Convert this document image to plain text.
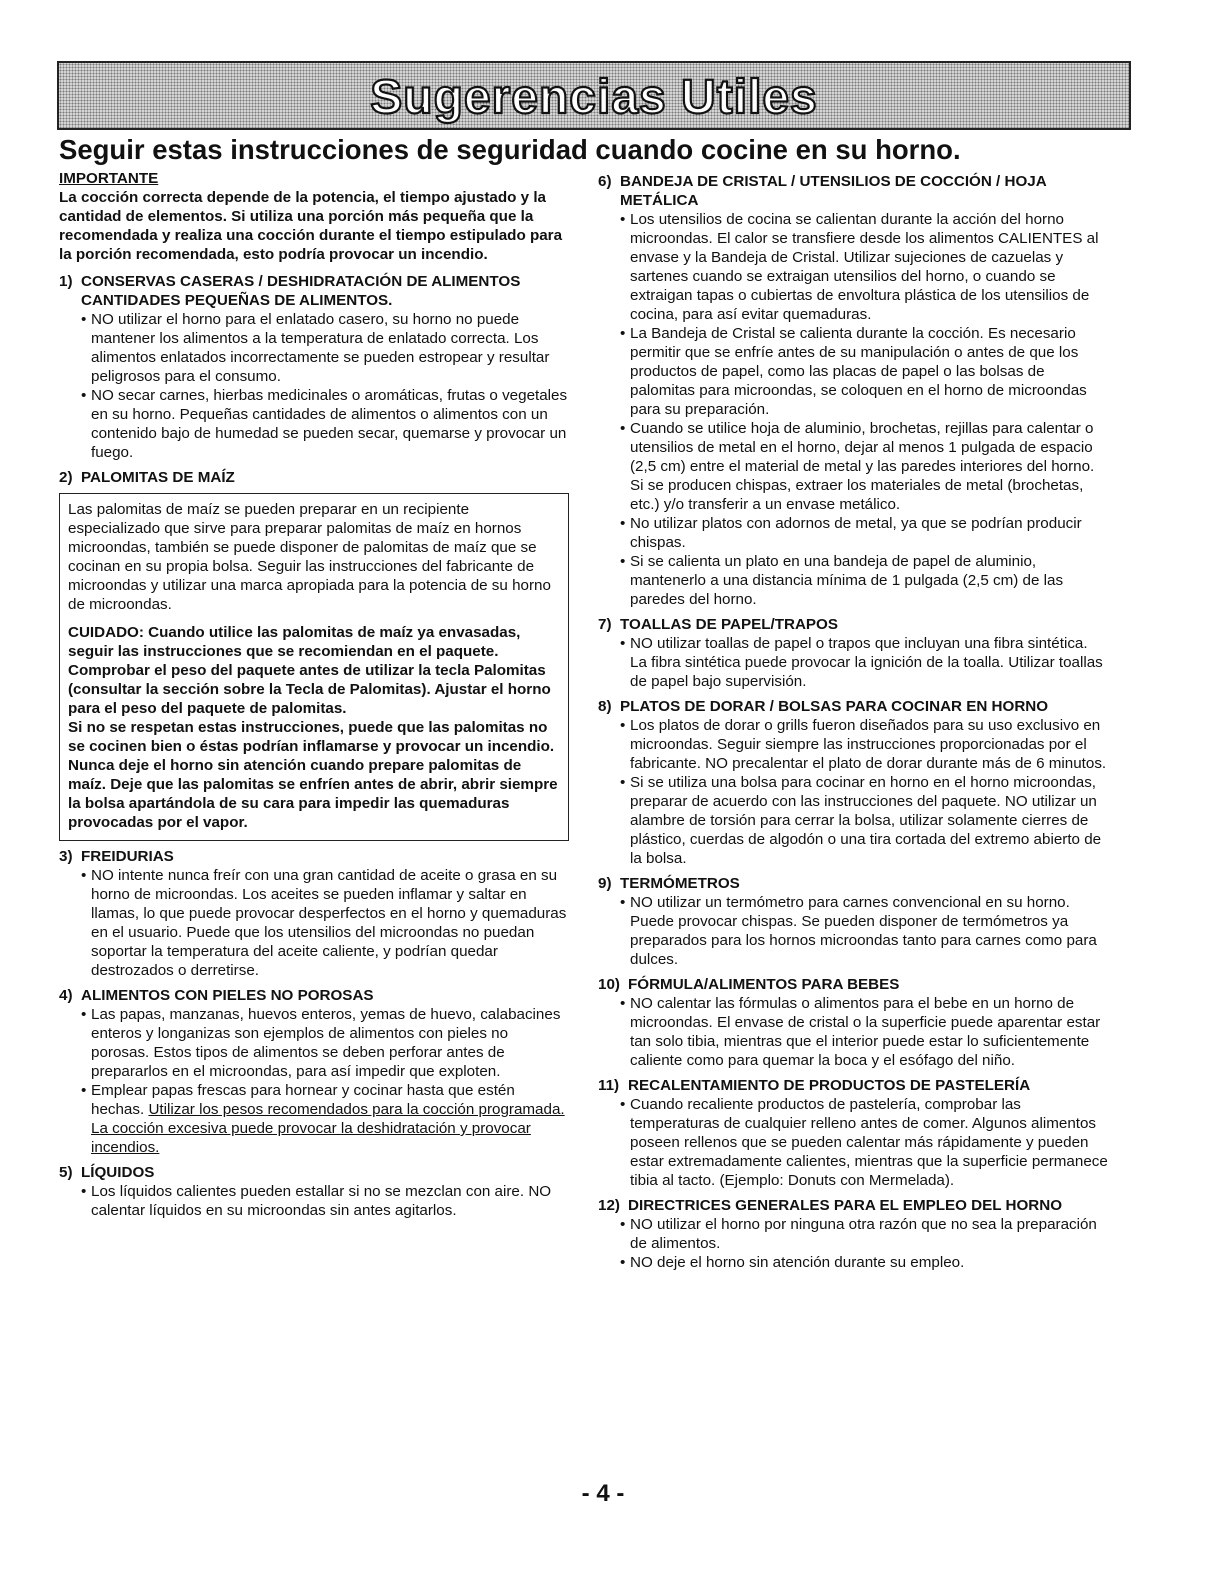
Sugerencias Utiles
Seguir estas instrucciones de seguridad cuando cocine en su horno.
IMPORTANTE

La cocción correcta depende de la potencia, el tiempo ajustado y la cantidad de elementos. Si utiliza una porción más pequeña que la recomendada y realiza una cocción durante el tiempo estipulado para la porción recomendada, esto podría provocar un incendio.

1) CONSERVAS CASERAS / DESHIDRATACIÓN DE ALIMENTOS CANTIDADES PEQUEÑAS DE ALIMENTOS.
• NO utilizar el horno para el enlatado casero, su horno no puede mantener los alimentos a la temperatura de enlatado correcta. Los alimentos enlatados incorrectamente se pueden estropear y resultar peligrosos para el consumo.
• NO secar carnes, hierbas medicinales o aromáticas, frutas o vegetales en su horno. Pequeñas cantidades de alimentos o alimentos con un contenido bajo de humedad se pueden secar, quemarse y provocar un fuego.
2) PALOMITAS DE MAÍZ

Las palomitas de maíz se pueden preparar en un recipiente especializado que sirve para preparar palomitas de maíz en hornos microondas, también se puede disponer de palomitas de maíz que se cocinan en su propia bolsa. Seguir las instrucciones del fabricante de microondas y utilizar una marca apropiada para la potencia de su horno de microondas.

CUIDADO: Cuando utilice las palomitas de maíz ya envasadas, seguir las instrucciones que se recomiendan en el paquete. Comprobar el peso del paquete antes de utilizar la tecla Palomitas (consultar la sección sobre la Tecla de Palomitas). Ajustar el horno para el peso del paquete de palomitas.

Si no se respetan estas instrucciones, puede que las palomitas no se cocinen bien o éstas podrían inflamarse y provocar un incendio. Nunca deje el horno sin atención cuando prepare palomitas de maíz. Deje que las palomitas se enfríen antes de abrir, abrir siempre la bolsa apartándola de su cara para impedir las quemaduras provocadas por el vapor.

3) FREIDURIAS
• NO intente nunca freír con una gran cantidad de aceite o grasa en su horno de microondas. Los aceites se pueden inflamar y saltar en llamas, lo que puede provocar desperfectos en el horno y quemaduras en el usuario. Puede que los utensilios del microondas no puedan soportar la temperatura del aceite caliente, y podrían quedar destrozados o derretirse.
4) ALIMENTOS CON PIELES NO POROSAS
• Las papas, manzanas, huevos enteros, yemas de huevo, calabacines enteros y longanizas son ejemplos de alimentos con pieles no porosas. Estos tipos de alimentos se deben perforar antes de prepararlos en el microondas, para así impedir que exploten.
• Emplear papas frescas para hornear y cocinar hasta que estén hechas. Utilizar los pesos recomendados para la cocción programada. La cocción excesiva puede provocar la deshidratación y provocar incendios.
5) LÍQUIDOS
• Los líquidos calientes pueden estallar si no se mezclan con aire. NO calentar líquidos en su microondas sin antes agitarlos.
6) BANDEJA DE CRISTAL / UTENSILIOS DE COCCIÓN / HOJA METÁLICA
• Los utensilios de cocina se calientan durante la acción del horno microondas. El calor se transfiere desde los alimentos CALIENTES al envase y la Bandeja de Cristal. Utilizar sujeciones de cazuelas y sartenes cuando se extraigan utensilios del horno, o cuando se extraigan tapas o cubiertas de envoltura plástica de los utensilios de cocina, para así evitar quemaduras.
• La Bandeja de Cristal se calienta durante la cocción. Es necesario permitir que se enfríe antes de su manipulación o antes de que los productos de papel, como las placas de papel o las bolsas de palomitas para microondas, se coloquen en el horno de microondas para su preparación.
• Cuando se utilice hoja de aluminio, brochetas, rejillas para calentar o utensilios de metal en el horno, dejar al menos 1 pulgada de espacio (2,5 cm) entre el material de metal y las paredes interiores del horno. Si se producen chispas, extraer los materiales de metal (brochetas, etc.) y/o transferir a un envase metálico.
• No utilizar platos con adornos de metal, ya que se podrían producir chispas.
• Si se calienta un plato en una bandeja de papel de aluminio, mantenerlo a una distancia mínima de 1 pulgada (2,5 cm) de las paredes del horno.
7) TOALLAS DE PAPEL/TRAPOS
• NO utilizar toallas de papel o trapos que incluyan una fibra sintética. La fibra sintética puede provocar la ignición de la toalla. Utilizar toallas de papel bajo supervisión.
8) PLATOS DE DORAR / BOLSAS PARA COCINAR EN HORNO
• Los platos de dorar o grills fueron diseñados para su uso exclusivo en microondas. Seguir siempre las instrucciones proporcionadas por el fabricante. NO precalentar el plato de dorar durante más de 6 minutos.
• Si se utiliza una bolsa para cocinar en horno en el horno microondas, preparar de acuerdo con las instrucciones del paquete. NO utilizar un alambre de torsión para cerrar la bolsa, utilizar solamente cierres de plástico, cuerdas de algodón o una tira cortada del extremo abierto de la bolsa.
9) TERMÓMETROS
• NO utilizar un termómetro para carnes convencional en su horno. Puede provocar chispas. Se pueden disponer de termómetros ya preparados para los hornos microondas tanto para carnes como para dulces.
10) FÓRMULA/ALIMENTOS PARA BEBES
• NO calentar las fórmulas o alimentos para el bebe en un horno de microondas. El envase de cristal o la superficie puede aparentar estar tan solo tibia, mientras que el interior puede estar lo suficientemente caliente como para quemar la boca y el esófago del niño.
11) RECALENTAMIENTO DE PRODUCTOS DE PASTELERÍA
• Cuando recaliente productos de pastelería, comprobar las temperaturas de cualquier relleno antes de comer. Algunos alimentos poseen rellenos que se pueden calentar más rápidamente y pueden estar extremadamente calientes, mientras que la superficie permanece tibia al tacto. (Ejemplo: Donuts con Mermelada).
12) DIRECTRICES GENERALES PARA EL EMPLEO DEL HORNO
• NO utilizar el horno por ninguna otra razón que no sea la preparación de alimentos.
• NO deje el horno sin atención durante su empleo.
- 4 -
